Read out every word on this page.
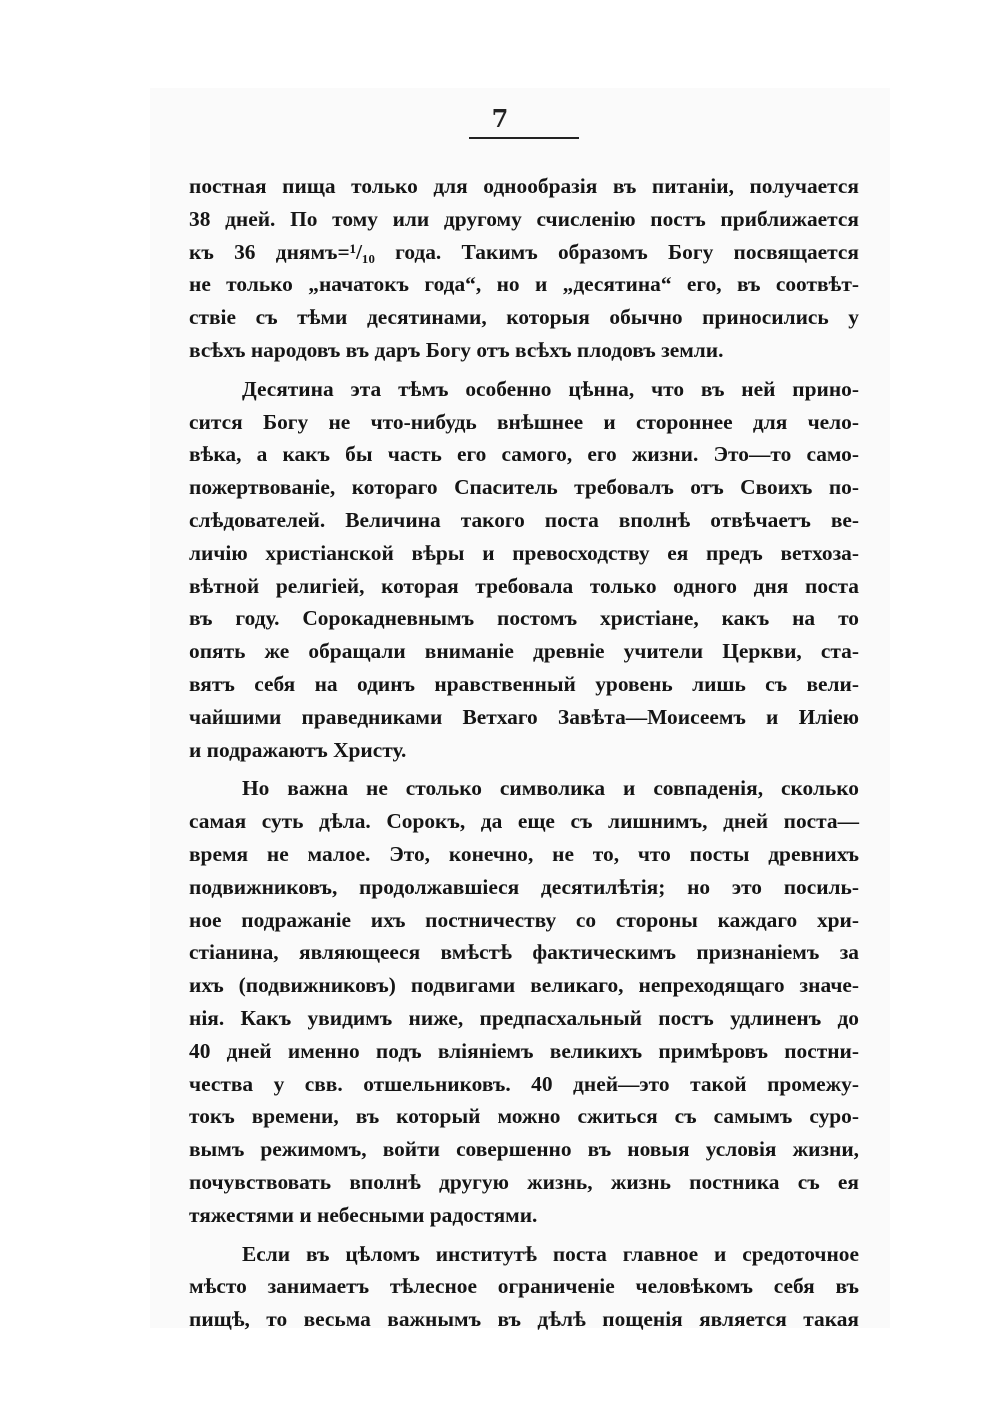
7
постная пища только для однообразія въ питаніи, получается
38 дней. По тому или другому счисленію постъ приближается
къ 36 днямъ=¹/₁₀ года. Такимъ образомъ Богу посвящается
не только „начатокъ года“, но и „десятина“ его, въ соотвѣт-
ствіе съ тѣми десятинами, которыя обычно приносились у
всѣхъ народовъ въ даръ Богу отъ всѣхъ плодовъ земли.
Десятина эта тѣмъ особенно цѣнна, что въ ней прино-
сится Богу не что-нибудь внѣшнее и стороннее для чело-
вѣка, а какъ бы часть его самого, его жизни. Это—то само-
пожертвованіе, котораго Спаситель требовалъ отъ Своихъ по-
слѣдователей. Величина такого поста вполнѣ отвѣчаетъ ве-
личію христіанской вѣры и превосходству ея предъ ветхоза-
вѣтной религіей, которая требовала только одного дня поста
въ году. Сорокадневнымъ постомъ христіане, какъ на то
опять же обращали вниманіе древніе учители Церкви, ста-
вятъ себя на одинъ нравственный уровень лишь съ вели-
чайшими праведниками Ветхаго Завѣта—Моисеемъ и Иліею
и подражаютъ Христу.
Но важна не столько символика и совпаденія, сколько
самая суть дѣла. Сорокъ, да еще съ лишнимъ, дней поста—
время не малое. Это, конечно, не то, что посты древнихъ
подвижниковъ, продолжавшіеся десятилѣтія; но это посиль-
ное подражаніе ихъ постничеству со стороны каждаго хри-
стіанина, являющееся вмѣстѣ фактическимъ признаніемъ за
ихъ (подвижниковъ) подвигами великаго, непреходящаго значе-
нія. Какъ увидимъ ниже, предпасхальный постъ удлиненъ до
40 дней именно подъ вліяніемъ великихъ примѣровъ постни-
чества у свв. отшельниковъ. 40 дней—это такой промежу-
токъ времени, въ который можно сжиться съ самымъ суро-
вымъ режимомъ, войти совершенно въ новыя условія жизни,
почувствовать вполнѣ другую жизнь, жизнь постника съ ея
тяжестями и небесными радостями.
Если въ цѣломъ институтѣ поста главное и средоточное
мѣсто занимаетъ тѣлесное ограниченіе человѣкомъ себя въ
пищѣ, то весьма важнымъ въ дѣлѣ пощенія является такая
